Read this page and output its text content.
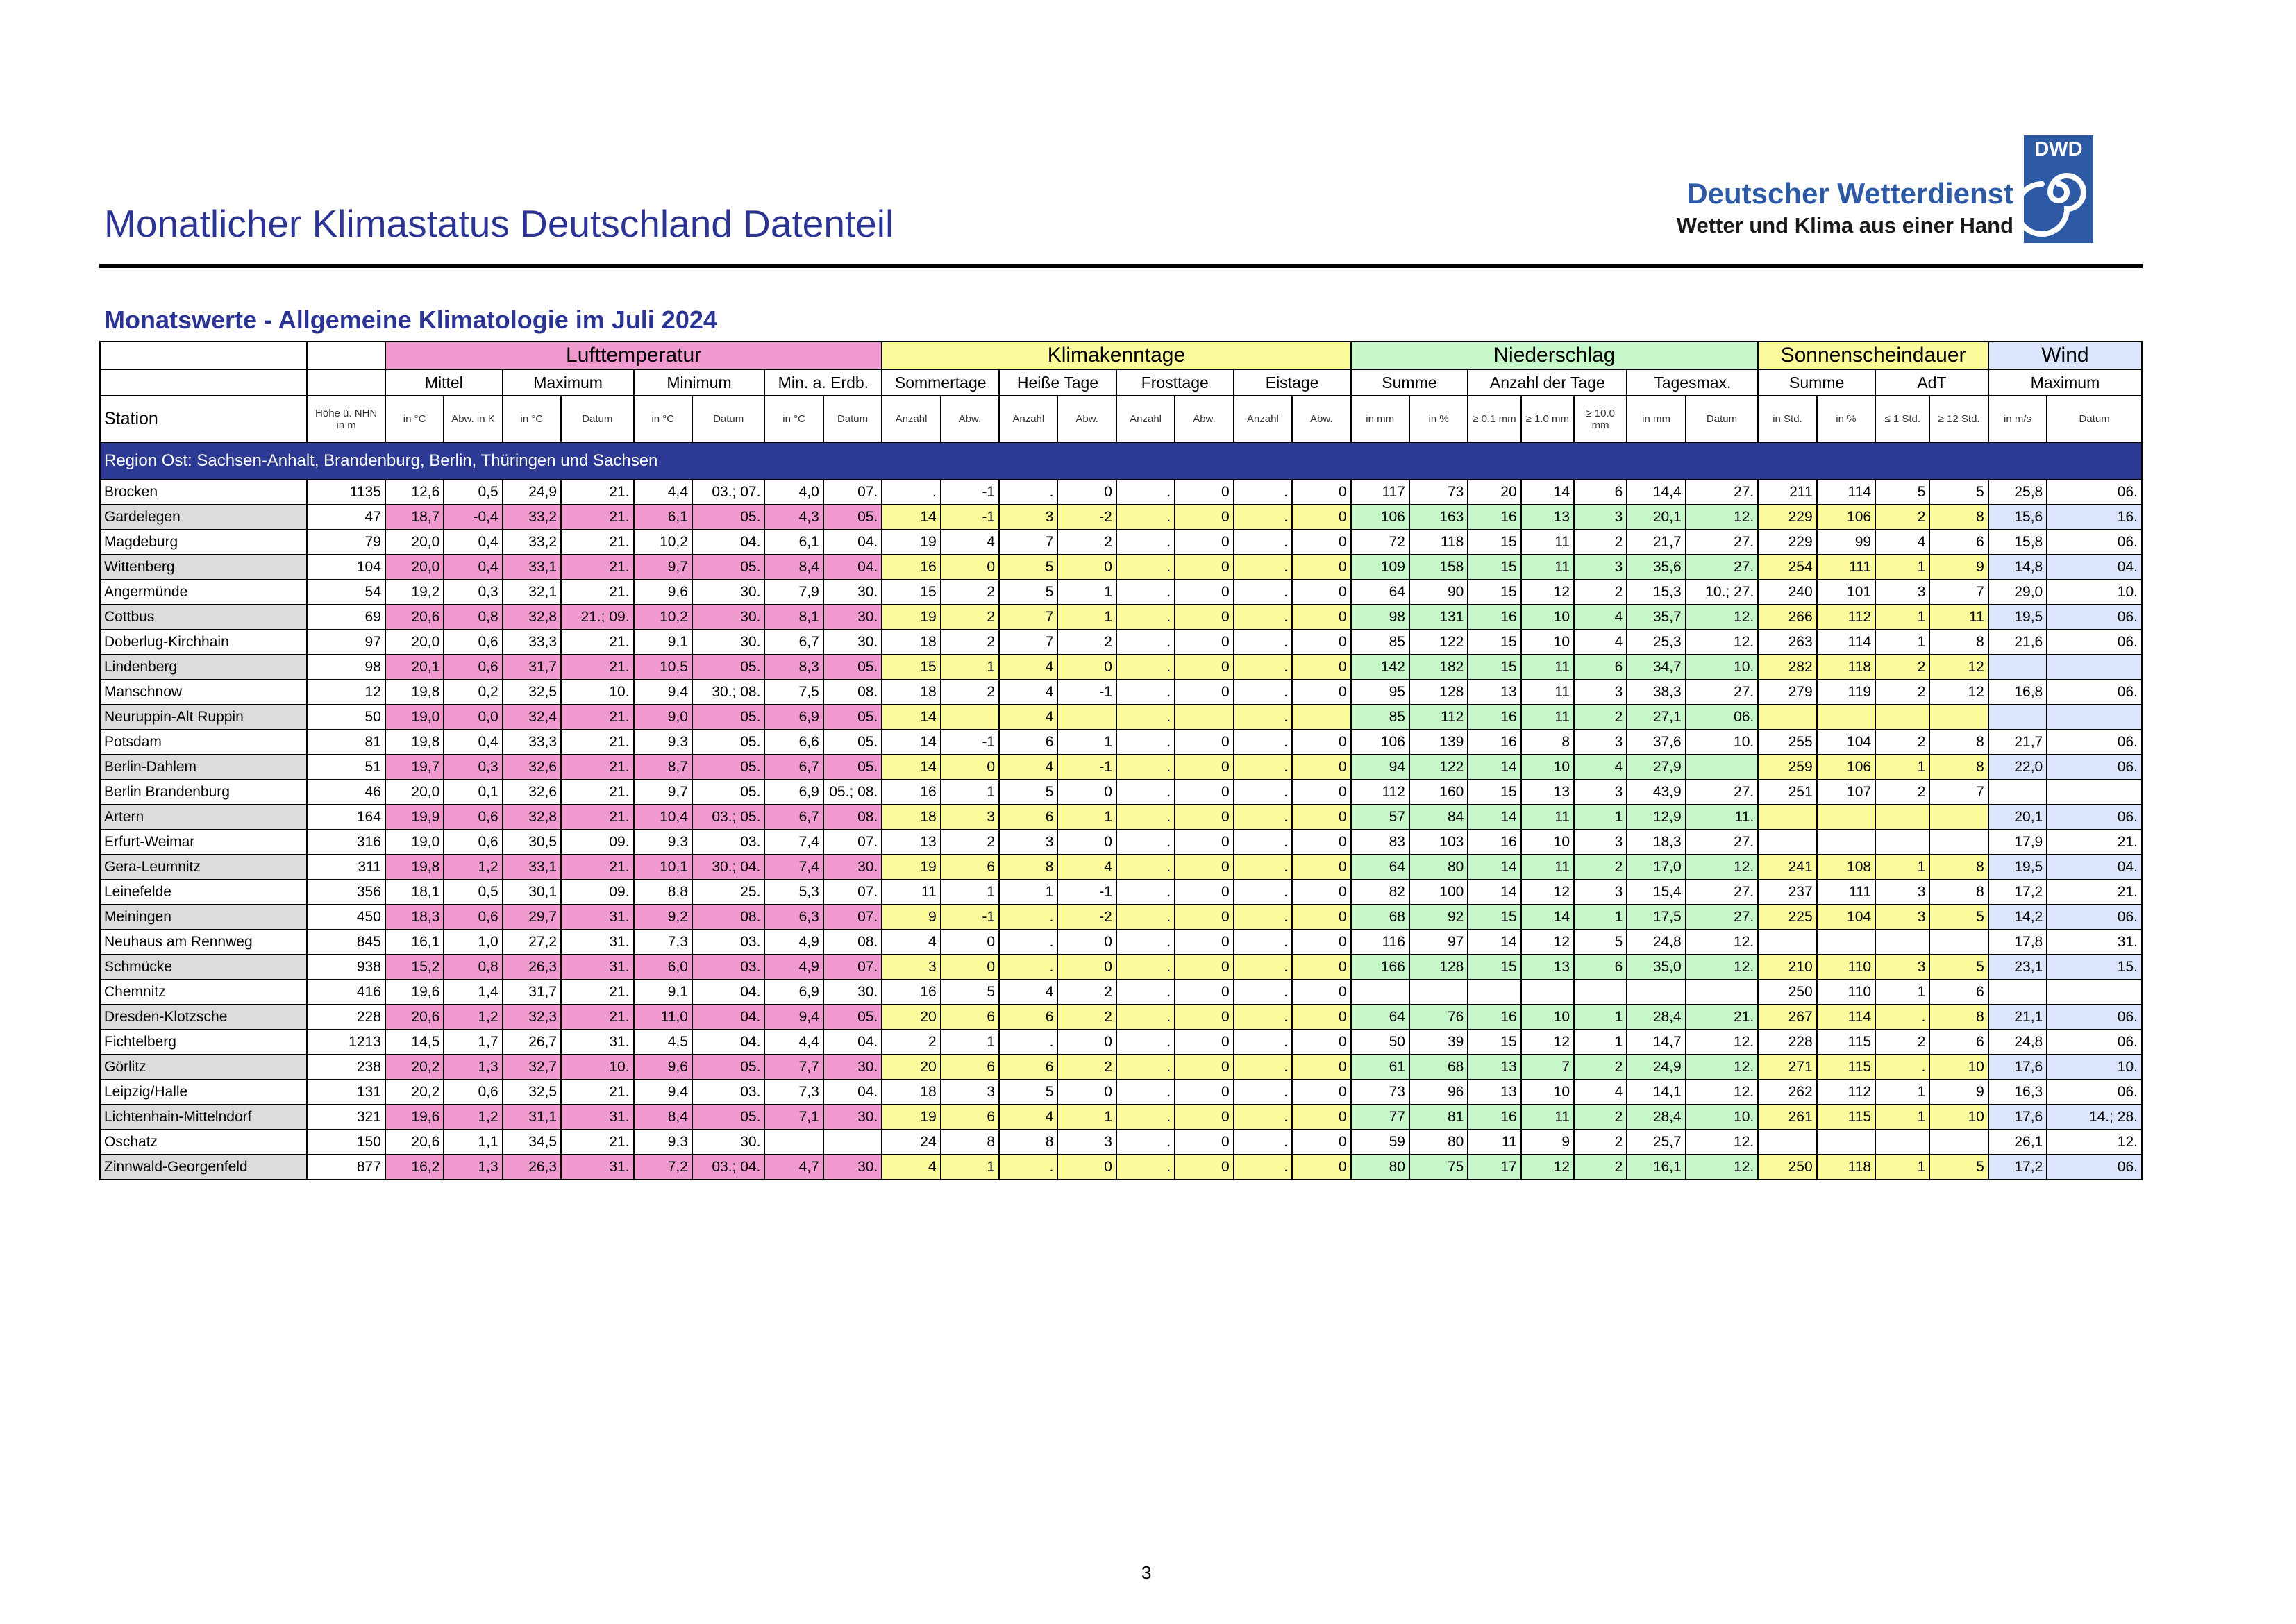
Monatlicher Klimastatus Deutschland Datenteil
Deutscher Wetterdienst
Wetter und Klima aus einer Hand
DWD
Monatswerte - Allgemeine Klimatologie im Juli 2024
		Lufttemperatur								Klimakenntage								Niederschlag							Sonnenscheindauer				Wind	
		Mittel		Maximum		Minimum		Min. a. Erdb.		Sommertage		Heiße Tage		Frosttage		Eistage		Summe		Anzahl der Tage			Tagesmax.		Summe		AdT		Maximum	
Station	Höhe ü. NHN in m	in °C	Abw. in K	in °C	Datum	in °C	Datum	in °C	Datum	Anzahl	Abw.	Anzahl	Abw.	Anzahl	Abw.	Anzahl	Abw.	in mm	in %	≥ 0.1 mm	≥ 1.0 mm	≥ 10.0 mm	in mm	Datum	in Std.	in %	≤ 1 Std.	≥ 12 Std.	in m/s	Datum
Region Ost: Sachsen-Anhalt, Brandenburg, Berlin, Thüringen und Sachsen																														
Brocken	1135	12,6	0,5	24,9	21.	4,4	03.; 07.	4,0	07.	.	-1	.	0	.	0	.	0	117	73	20	14	6	14,4	27.	211	114	5	5	25,8	06.
Gardelegen	47	18,7	-0,4	33,2	21.	6,1	05.	4,3	05.	14	-1	3	-2	.	0	.	0	106	163	16	13	3	20,1	12.	229	106	2	8	15,6	16.
Magdeburg	79	20,0	0,4	33,2	21.	10,2	04.	6,1	04.	19	4	7	2	.	0	.	0	72	118	15	11	2	21,7	27.	229	99	4	6	15,8	06.
Wittenberg	104	20,0	0,4	33,1	21.	9,7	05.	8,4	04.	16	0	5	0	.	0	.	0	109	158	15	11	3	35,6	27.	254	111	1	9	14,8	04.
Angermünde	54	19,2	0,3	32,1	21.	9,6	30.	7,9	30.	15	2	5	1	.	0	.	0	64	90	15	12	2	15,3	10.; 27.	240	101	3	7	29,0	10.
Cottbus	69	20,6	0,8	32,8	21.; 09.	10,2	30.	8,1	30.	19	2	7	1	.	0	.	0	98	131	16	10	4	35,7	12.	266	112	1	11	19,5	06.
Doberlug-Kirchhain	97	20,0	0,6	33,3	21.	9,1	30.	6,7	30.	18	2	7	2	.	0	.	0	85	122	15	10	4	25,3	12.	263	114	1	8	21,6	06.
Lindenberg	98	20,1	0,6	31,7	21.	10,5	05.	8,3	05.	15	1	4	0	.	0	.	0	142	182	15	11	6	34,7	10.	282	118	2	12		
Manschnow	12	19,8	0,2	32,5	10.	9,4	30.; 08.	7,5	08.	18	2	4	-1	.	0	.	0	95	128	13	11	3	38,3	27.	279	119	2	12	16,8	06.
Neuruppin-Alt Ruppin	50	19,0	0,0	32,4	21.	9,0	05.	6,9	05.	14		4		.		.		85	112	16	11	2	27,1	06.						
Potsdam	81	19,8	0,4	33,3	21.	9,3	05.	6,6	05.	14	-1	6	1	.	0	.	0	106	139	16	8	3	37,6	10.	255	104	2	8	21,7	06.
Berlin-Dahlem	51	19,7	0,3	32,6	21.	8,7	05.	6,7	05.	14	0	4	-1	.	0	.	0	94	122	14	10	4	27,9		259	106	1	8	22,0	06.
Berlin Brandenburg	46	20,0	0,1	32,6	21.	9,7	05.	6,9	05.; 08.	16	1	5	0	.	0	.	0	112	160	15	13	3	43,9	27.	251	107	2	7		
Artern	164	19,9	0,6	32,8	21.	10,4	03.; 05.	6,7	08.	18	3	6	1	.	0	.	0	57	84	14	11	1	12,9	11.					20,1	06.
Erfurt-Weimar	316	19,0	0,6	30,5	09.	9,3	03.	7,4	07.	13	2	3	0	.	0	.	0	83	103	16	10	3	18,3	27.					17,9	21.
Gera-Leumnitz	311	19,8	1,2	33,1	21.	10,1	30.; 04.	7,4	30.	19	6	8	4	.	0	.	0	64	80	14	11	2	17,0	12.	241	108	1	8	19,5	04.
Leinefelde	356	18,1	0,5	30,1	09.	8,8	25.	5,3	07.	11	1	1	-1	.	0	.	0	82	100	14	12	3	15,4	27.	237	111	3	8	17,2	21.
Meiningen	450	18,3	0,6	29,7	31.	9,2	08.	6,3	07.	9	-1	.	-2	.	0	.	0	68	92	15	14	1	17,5	27.	225	104	3	5	14,2	06.
Neuhaus am Rennweg	845	16,1	1,0	27,2	31.	7,3	03.	4,9	08.	4	0	.	0	.	0	.	0	116	97	14	12	5	24,8	12.					17,8	31.
Schmücke	938	15,2	0,8	26,3	31.	6,0	03.	4,9	07.	3	0	.	0	.	0	.	0	166	128	15	13	6	35,0	12.	210	110	3	5	23,1	15.
Chemnitz	416	19,6	1,4	31,7	21.	9,1	04.	6,9	30.	16	5	4	2	.	0	.	0								250	110	1	6		
Dresden-Klotzsche	228	20,6	1,2	32,3	21.	11,0	04.	9,4	05.	20	6	6	2	.	0	.	0	64	76	16	10	1	28,4	21.	267	114	.	8	21,1	06.
Fichtelberg	1213	14,5	1,7	26,7	31.	4,5	04.	4,4	04.	2	1	.	0	.	0	.	0	50	39	15	12	1	14,7	12.	228	115	2	6	24,8	06.
Görlitz	238	20,2	1,3	32,7	10.	9,6	05.	7,7	30.	20	6	6	2	.	0	.	0	61	68	13	7	2	24,9	12.	271	115	.	10	17,6	10.
Leipzig/Halle	131	20,2	0,6	32,5	21.	9,4	03.	7,3	04.	18	3	5	0	.	0	.	0	73	96	13	10	4	14,1	12.	262	112	1	9	16,3	06.
Lichtenhain-Mittelndorf	321	19,6	1,2	31,1	31.	8,4	05.	7,1	30.	19	6	4	1	.	0	.	0	77	81	16	11	2	28,4	10.	261	115	1	10	17,6	14.; 28.
Oschatz	150	20,6	1,1	34,5	21.	9,3	30.			24	8	8	3	.	0	.	0	59	80	11	9	2	25,7	12.					26,1	12.
Zinnwald-Georgenfeld	877	16,2	1,3	26,3	31.	7,2	03.; 04.	4,7	30.	4	1	.	0	.	0	.	0	80	75	17	12	2	16,1	12.	250	118	1	5	17,2	06.
3
